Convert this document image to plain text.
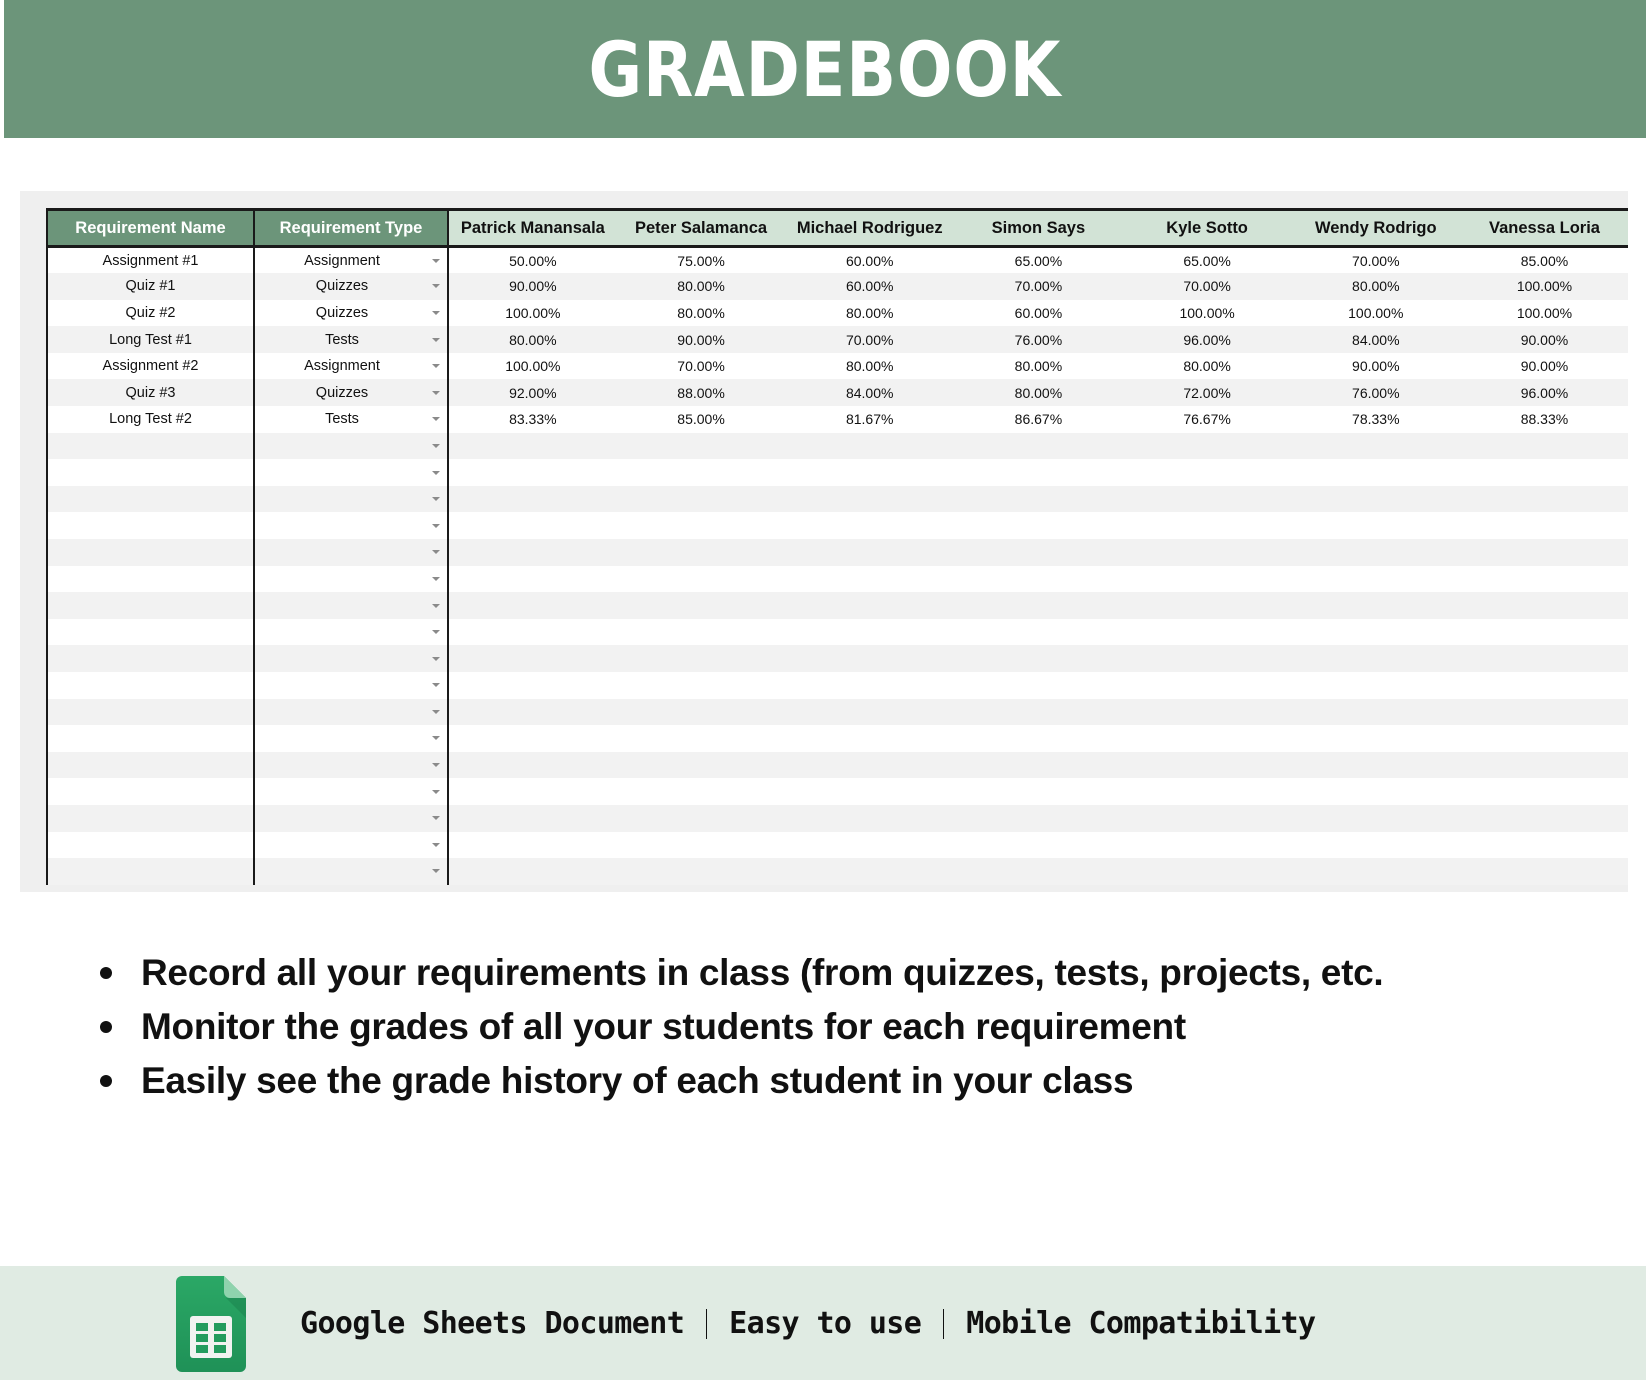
GRADEBOOK
Requirement Name	Requirement Type	Patrick Manansala	Peter Salamanca	Michael Rodriguez	Simon Says	Kyle Sotto	Wendy Rodrigo	Vanessa Loria
Assignment #1	Assignment	50.00%	75.00%	60.00%	65.00%	65.00%	70.00%	85.00%
Quiz #1	Quizzes	90.00%	80.00%	60.00%	70.00%	70.00%	80.00%	100.00%
Quiz #2	Quizzes	100.00%	80.00%	80.00%	60.00%	100.00%	100.00%	100.00%
Long Test #1	Tests	80.00%	90.00%	70.00%	76.00%	96.00%	84.00%	90.00%
Assignment #2	Assignment	100.00%	70.00%	80.00%	80.00%	80.00%	90.00%	90.00%
Quiz #3	Quizzes	92.00%	88.00%	84.00%	80.00%	72.00%	76.00%	96.00%
Long Test #2	Tests	83.33%	85.00%	81.67%	86.67%	76.67%	78.33%	88.33%

Record all your requirements in class (from quizzes, tests, projects, etc.
Monitor the grades of all your students for each requirement
Easily see the grade history of each student in your class
Google Sheets Document Easy to use Mobile Compatibility
